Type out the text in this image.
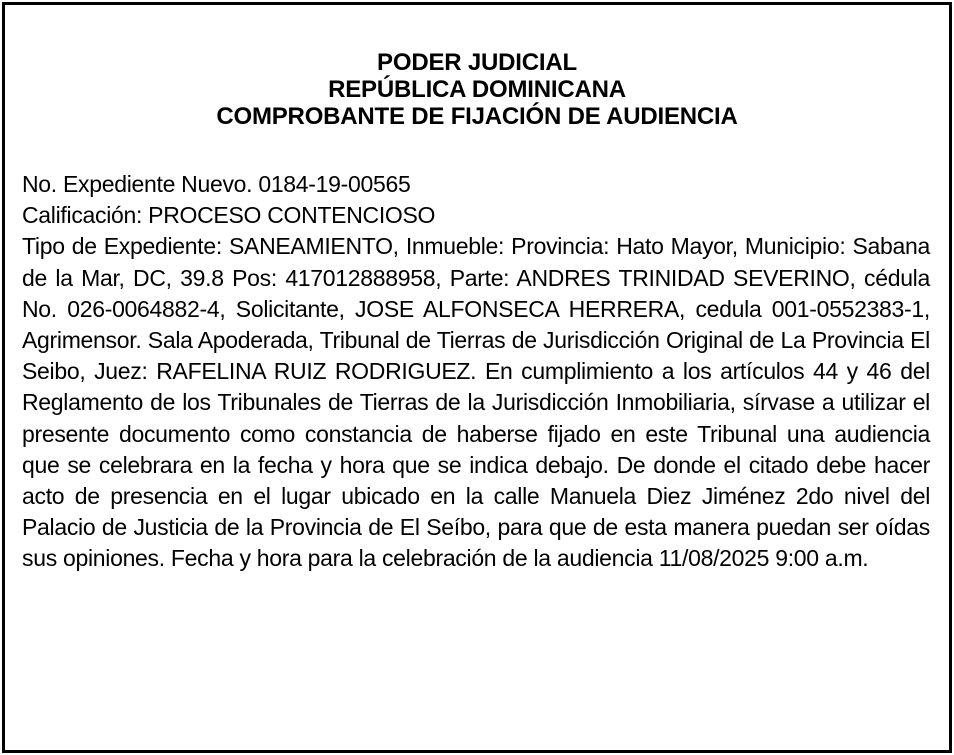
PODER JUDICIAL
REPÚBLICA DOMINICANA
COMPROBANTE DE FIJACIÓN DE AUDIENCIA
No. Expediente Nuevo. 0184-19-00565
Calificación: PROCESO CONTENCIOSO
Tipo de Expediente: SANEAMIENTO, Inmueble: Provincia: Hato Mayor, Municipio: Sabana de la Mar, DC, 39.8 Pos: 417012888958, Parte: ANDRES TRINIDAD SEVERINO, cédula No. 026-0064882-4, Solicitante, JOSE ALFONSECA HERRERA, cedula 001-0552383-1, Agrimensor. Sala Apoderada, Tribunal de Tierras de Jurisdicción Original de La Provincia El Seibo, Juez: RAFELINA RUIZ RODRIGUEZ. En cumplimiento a los artículos 44 y 46 del Reglamento de los Tribunales de Tierras de la Jurisdicción Inmobiliaria, sírvase a utilizar el presente documento como constancia de haberse fijado en este Tribunal una audiencia que se celebrara en la fecha y hora que se indica debajo. De donde el citado debe hacer acto de presencia en el lugar ubicado en la calle Manuela Diez Jiménez 2do nivel del Palacio de Justicia de la Provincia de El Seíbo, para que de esta manera puedan ser oídas sus opiniones. Fecha y hora para la celebración de la audiencia 11/08/2025 9:00 a.m.
